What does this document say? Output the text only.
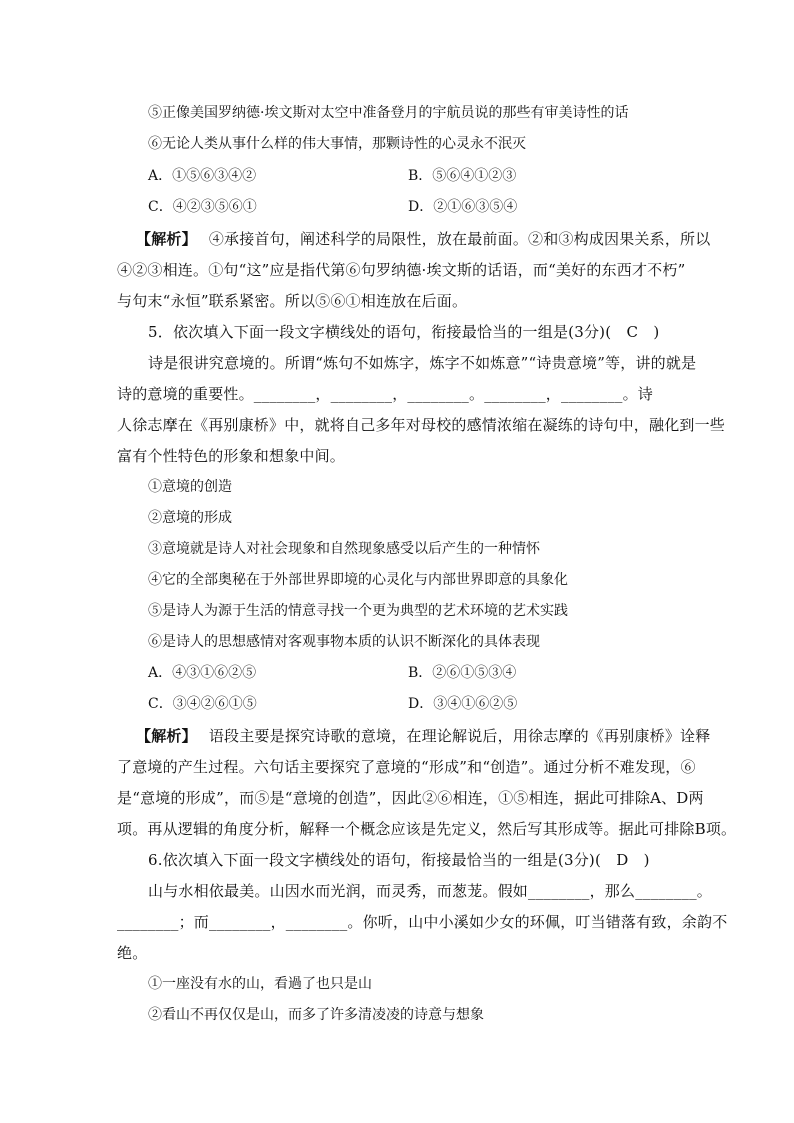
⑤正像美国罗纳德·埃文斯对太空中准备登月的宇航员说的那些有审美诗性的话
⑥无论人类从事什么样的伟大事情，那颗诗性的心灵永不泯灭
A．①⑤⑥③④②	B．⑤⑥④①②③
C．④②③⑤⑥①	D．②①⑥③⑤④
【解析】 ④承接首句，阐述科学的局限性，放在最前面。②和③构成因果关系，所以
④②③相连。①句“这”应是指代第⑥句罗纳德·埃文斯的话语，而“美好的东西才不朽”
与句末“永恒”联系紧密。所以⑤⑥①相连放在后面。
5．依次填入下面一段文字横线处的语句，衔接最恰当的一组是(3分)(　C　)
诗是很讲究意境的。所谓“炼句不如炼字，炼字不如炼意”“诗贵意境”等，讲的就是
诗的意境的重要性。________，________，________。________，________。诗
人徐志摩在《再别康桥》中，就将自己多年对母校的感情浓缩在凝练的诗句中，融化到一些
富有个性特色的形象和想象中间。
①意境的创造
②意境的形成
③意境就是诗人对社会现象和自然现象感受以后产生的一种情怀
④它的全部奥秘在于外部世界即境的心灵化与内部世界即意的具象化
⑤是诗人为源于生活的情意寻找一个更为典型的艺术环境的艺术实践
⑥是诗人的思想感情对客观事物本质的认识不断深化的具体表现
A．④③①⑥②⑤	B．②⑥①⑤③④
C．③④②⑥①⑤	D．③④①⑥②⑤
【解析】 语段主要是探究诗歌的意境，在理论解说后，用徐志摩的《再别康桥》诠释
了意境的产生过程。六句话主要探究了意境的“形成”和“创造”。通过分析不难发现，⑥
是“意境的形成”，而⑤是“意境的创造”，因此②⑥相连，①⑤相连，据此可排除A、D两
项。再从逻辑的角度分析，解释一个概念应该是先定义，然后写其形成等。据此可排除B项。
6.依次填入下面一段文字横线处的语句，衔接最恰当的一组是(3分)(　D　)
山与水相依最美。山因水而光润，而灵秀，而葱茏。假如________，那么________。
________；而________，________。你听，山中小溪如少女的环佩，叮当错落有致，余韵不
绝。
①一座没有水的山，看過了也只是山
②看山不再仅仅是山，而多了许多清凌凌的诗意与想象
